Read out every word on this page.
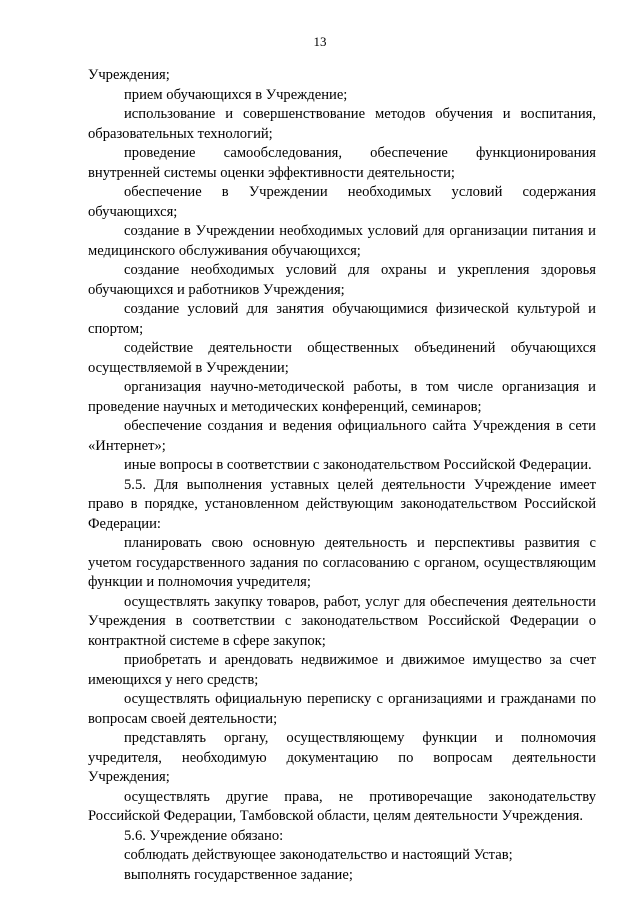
13

Учреждения;

прием обучающихся в Учреждение;

использование и совершенствование методов обучения и воспитания, образовательных технологий;

проведение самообследования, обеспечение функционирования внутренней системы оценки эффективности деятельности;

обеспечение в Учреждении необходимых условий содержания обучающихся;

создание в Учреждении необходимых условий для организации питания и медицинского обслуживания обучающихся;

создание необходимых условий для охраны и укрепления здоровья обучающихся и работников Учреждения;

создание условий для занятия обучающимися физической культурой и спортом;

содействие деятельности общественных объединений обучающихся осуществляемой в Учреждении;

организация научно-методической работы, в том числе организация и проведение научных и методических конференций, семинаров;

обеспечение создания и ведения официального сайта Учреждения в сети «Интернет»;

иные вопросы в соответствии с законодательством Российской Федерации.

5.5. Для выполнения уставных целей деятельности Учреждение имеет право в порядке, установленном действующим законодательством Российской Федерации:

планировать свою основную деятельность и перспективы развития с учетом государственного задания по согласованию с органом, осуществляющим функции и полномочия учредителя;

осуществлять закупку товаров, работ, услуг для обеспечения деятельности Учреждения в соответствии с законодательством Российской Федерации о контрактной системе в сфере закупок;

приобретать и арендовать недвижимое и движимое имущество за счет имеющихся у него средств;

осуществлять официальную переписку с организациями и гражданами по вопросам своей деятельности;

представлять органу, осуществляющему функции и полномочия учредителя, необходимую документацию по вопросам деятельности Учреждения;

осуществлять другие права, не противоречащие законодательству Российской Федерации, Тамбовской области, целям деятельности Учреждения.

5.6. Учреждение обязано:

соблюдать действующее законодательство и настоящий Устав;

выполнять государственное задание;
